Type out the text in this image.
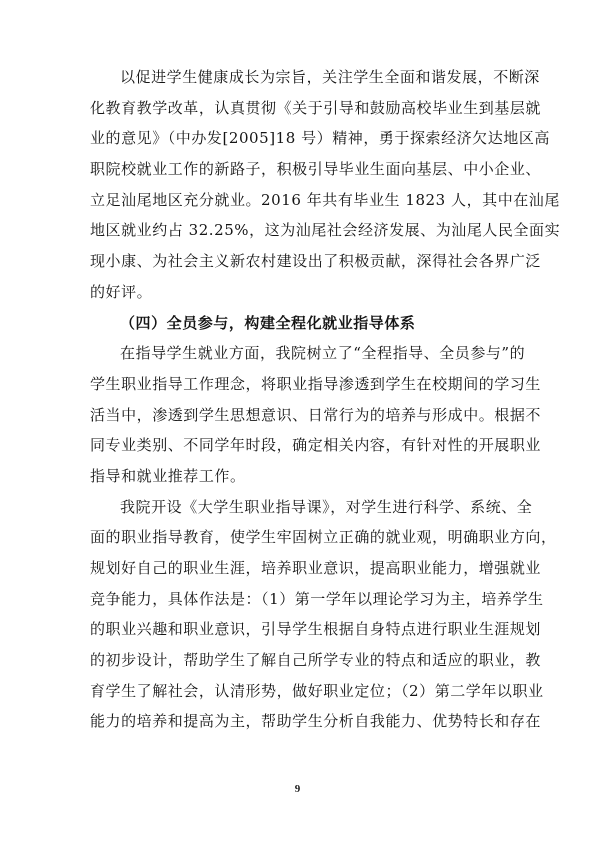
以促进学生健康成长为宗旨，关注学生全面和谐发展，不断深
化教育教学改革，认真贯彻《关于引导和鼓励高校毕业生到基层就
业的意见》（中办发[2005]18 号）精神，勇于探索经济欠达地区高
职院校就业工作的新路子，积极引导毕业生面向基层、中小企业、
立足汕尾地区充分就业。2016 年共有毕业生 1823 人，其中在汕尾
地区就业约占 32.25%，这为汕尾社会经济发展、为汕尾人民全面实
现小康、为社会主义新农村建设出了积极贡献，深得社会各界广泛
的好评。
（四）全员参与，构建全程化就业指导体系
在指导学生就业方面，我院树立了“全程指导、全员参与”的
学生职业指导工作理念，将职业指导渗透到学生在校期间的学习生
活当中，渗透到学生思想意识、日常行为的培养与形成中。根据不
同专业类别、不同学年时段，确定相关内容，有针对性的开展职业
指导和就业推荐工作。
我院开设《大学生职业指导课》，对学生进行科学、系统、全
面的职业指导教育，使学生牢固树立正确的就业观，明确职业方向，
规划好自己的职业生涯，培养职业意识，提高职业能力，增强就业
竞争能力，具体作法是：（1）第一学年以理论学习为主，培养学生
的职业兴趣和职业意识，引导学生根据自身特点进行职业生涯规划
的初步设计，帮助学生了解自己所学专业的特点和适应的职业，教
育学生了解社会，认清形势，做好职业定位；（2）第二学年以职业
能力的培养和提高为主，帮助学生分析自我能力、优势特长和存在
9
